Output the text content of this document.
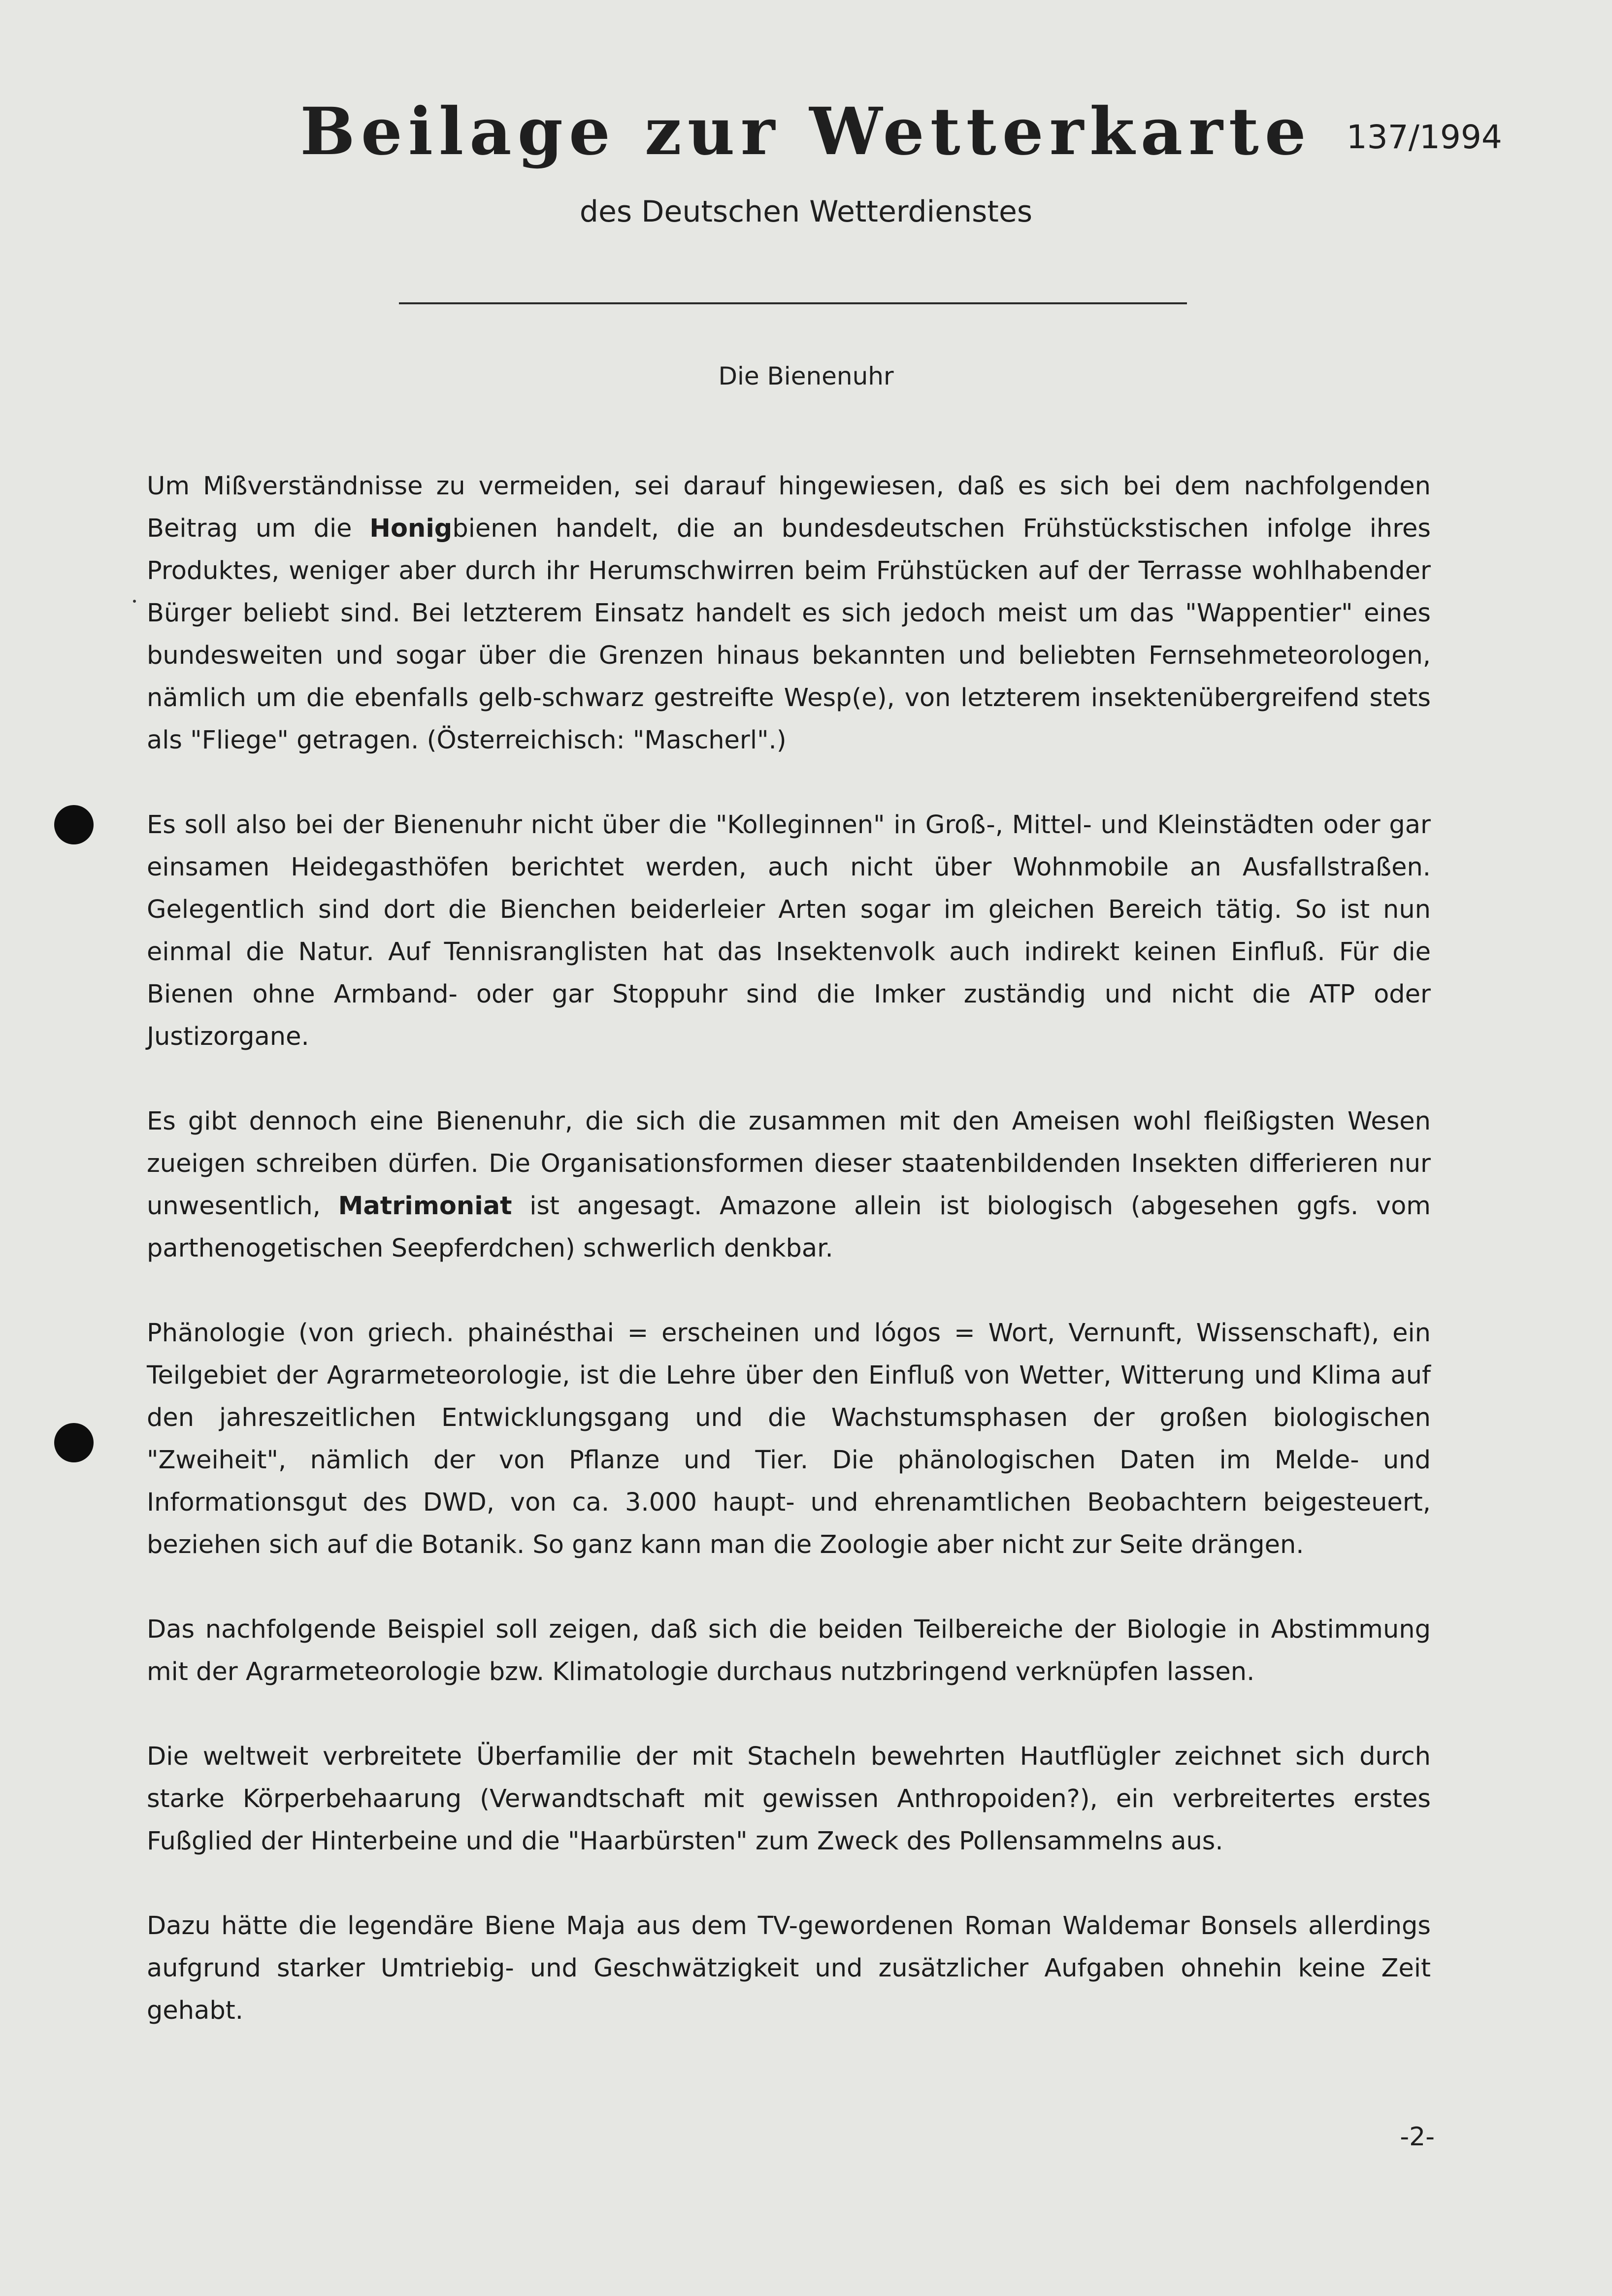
Beilage zur Wetterkarte 137/1994
des Deutschen Wetterdienstes
Die Bienenuhr

Um Mißverständnisse zu vermeiden, sei darauf hingewiesen, daß es sich bei dem nachfolgenden Beitrag um die Honigbienen handelt, die an bundesdeutschen Frühstückstischen infolge ihres Produktes, weniger aber durch ihr Herumschwirren beim Frühstücken auf der Terrasse wohlhabender Bürger beliebt sind. Bei letzterem Einsatz handelt es sich jedoch meist um das "Wappentier" eines bundesweiten und sogar über die Grenzen hinaus bekannten und beliebten Fernsehmeteorologen, nämlich um die ebenfalls gelb-schwarz gestreifte Wesp(e), von letzterem insektenübergreifend stets als "Fliege" getragen. (Österreichisch: "Mascherl".)

Es soll also bei der Bienenuhr nicht über die "Kolleginnen" in Groß-, Mittel- und Kleinstädten oder gar einsamen Heidegasthöfen berichtet werden, auch nicht über Wohnmobile an Ausfallstraßen. Gelegentlich sind dort die Bienchen beiderleier Arten sogar im gleichen Bereich tätig. So ist nun einmal die Natur. Auf Tennisranglisten hat das Insektenvolk auch indirekt keinen Einfluß. Für die Bienen ohne Armband- oder gar Stoppuhr sind die Imker zuständig und nicht die ATP oder Justizorgane.

Es gibt dennoch eine Bienenuhr, die sich die zusammen mit den Ameisen wohl fleißigsten Wesen zueigen schreiben dürfen. Die Organisationsformen dieser staatenbildenden Insekten differieren nur unwesentlich, Matrimoniat ist angesagt. Amazone allein ist biologisch (abgesehen ggfs. vom parthenogetischen Seepferdchen) schwerlich denkbar.

Phänologie (von griech. phainésthai = erscheinen und lógos = Wort, Vernunft, Wissenschaft), ein Teilgebiet der Agrarmeteorologie, ist die Lehre über den Einfluß von Wetter, Witterung und Klima auf den jahreszeitlichen Entwicklungsgang und die Wachstumsphasen der großen biologischen "Zweiheit", nämlich der von Pflanze und Tier. Die phänologischen Daten im Melde- und Informationsgut des DWD, von ca. 3.000 haupt- und ehrenamtlichen Beobachtern beigesteuert, beziehen sich auf die Botanik. So ganz kann man die Zoologie aber nicht zur Seite drängen.

Das nachfolgende Beispiel soll zeigen, daß sich die beiden Teilbereiche der Biologie in Abstimmung mit der Agrarmeteorologie bzw. Klimatologie durchaus nutzbringend verknüpfen lassen.

Die weltweit verbreitete Überfamilie der mit Stacheln bewehrten Hautflügler zeichnet sich durch starke Körperbehaarung (Verwandtschaft mit gewissen Anthropoiden?), ein verbreitertes erstes Fußglied der Hinterbeine und die "Haarbürsten" zum Zweck des Pollensammelns aus.

Dazu hätte die legendäre Biene Maja aus dem TV-gewordenen Roman Waldemar Bonsels allerdings aufgrund starker Umtriebig- und Geschwätzigkeit und zusätzlicher Aufgaben ohnehin keine Zeit gehabt.

-2-
